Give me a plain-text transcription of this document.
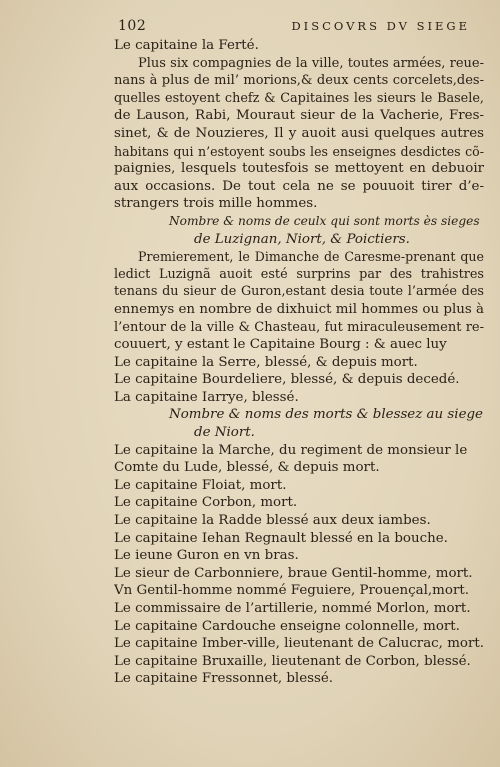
102	DISCOVRS DV SIEGE
Le capitaine la Ferté.
Plus six compagnies de la ville, toutes armées, reue-
nans à plus de mil’ morions,& deux cents corcelets,des-
quelles estoyent chefz & Capitaines les sieurs le Basele,
de Lauson, Rabi, Mouraut sieur de la Vacherie, Fres-
sinet, & de Nouzieres, Il y auoit ausi quelques autres
habitans qui n’estoyent soubs les enseignes desdictes cõ-
paignies, lesquels toutesfois se mettoyent en debuoir
aux occasions. De tout cela ne se pouuoit tirer d’e-
strangers trois mille hommes.
Nombre & noms de ceulx qui sont morts ès sieges
de Luzignan, Niort, & Poictiers.
Premierement, le Dimanche de Caresme-prenant que
ledict Luzignã auoit esté surprins par des trahistres
tenans du sieur de Guron,estant desia toute l’armée des
ennemys en nombre de dixhuict mil hommes ou plus à
l’entour de la ville & Chasteau, fut miraculeusement re-
couuert, y estant le Capitaine Bourg : & auec luy
Le capitaine la Serre, blessé, & depuis mort.
Le capitaine Bourdeliere, blessé, & depuis decedé.
La capitaine Iarrye, blessé.
Nombre & noms des morts & blessez au siege
de Niort.
Le capitaine la Marche, du regiment de monsieur le
Comte du Lude, blessé, & depuis mort.
Le capitaine Floiat, mort.
Le capitaine Corbon, mort.
Le capitaine la Radde blessé aux deux iambes.
Le capitaine Iehan Regnault blessé en la bouche.
Le ieune Guron en vn bras.
Le sieur de Carbonniere, braue Gentil-homme, mort.
Vn Gentil-homme nommé Feguiere, Prouençal,mort.
Le commissaire de l’artillerie, nommé Morlon, mort.
Le capitaine Cardouche enseigne colonnelle, mort.
Le capitaine Imber-ville, lieutenant de Calucrac, mort.
Le capitaine Bruxaille, lieutenant de Corbon, blessé.
Le capitaine Fressonnet, blessé.
